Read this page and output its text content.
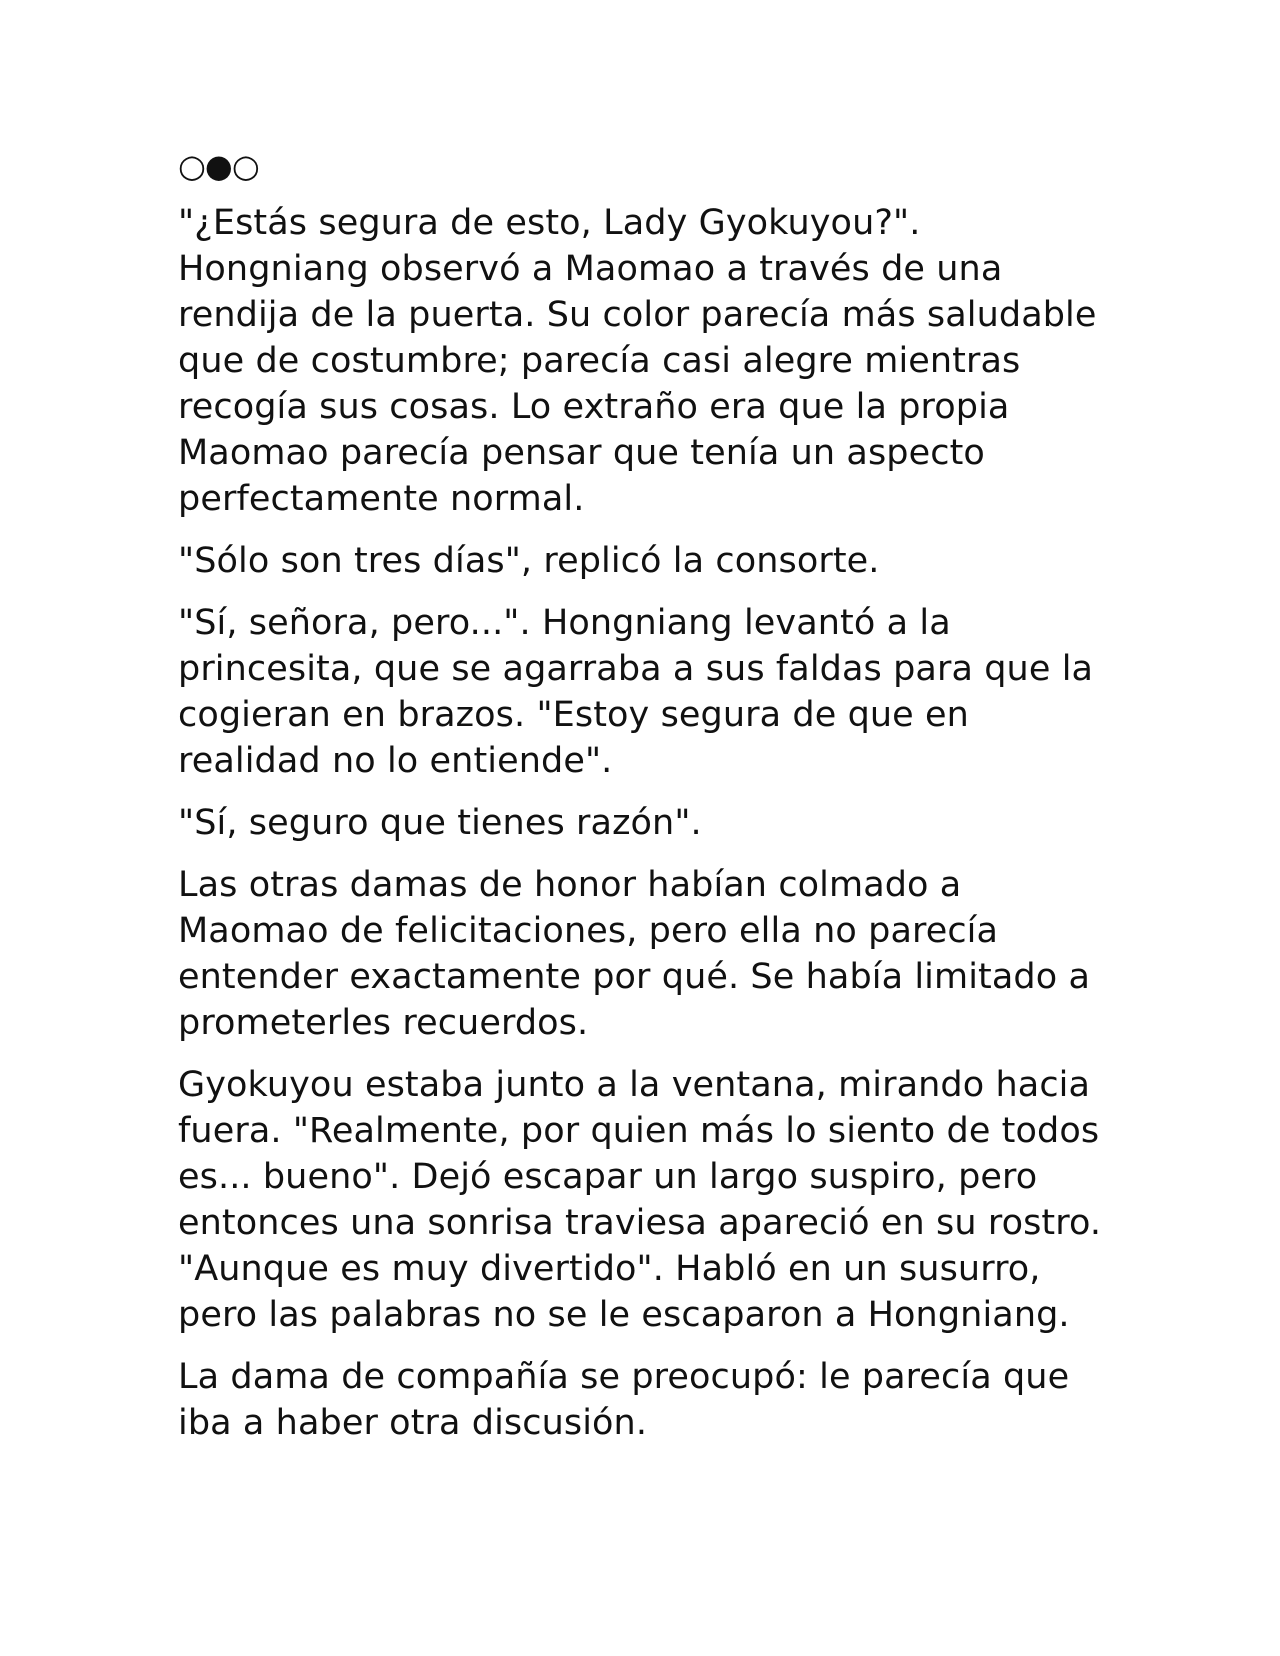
○●○

"¿Estás segura de esto, Lady Gyokuyou?". Hongniang observó a Maomao a través de una rendija de la puerta. Su color parecía más saludable que de costumbre; parecía casi alegre mientras recogía sus cosas. Lo extraño era que la propia Maomao parecía pensar que tenía un aspecto perfectamente normal.

"Sólo son tres días", replicó la consorte.

"Sí, señora, pero...". Hongniang levantó a la princesita, que se agarraba a sus faldas para que la cogieran en brazos. "Estoy segura de que en realidad no lo entiende".

"Sí, seguro que tienes razón".

Las otras damas de honor habían colmado a Maomao de felicitaciones, pero ella no parecía entender exactamente por qué. Se había limitado a prometerles recuerdos.

Gyokuyou estaba junto a la ventana, mirando hacia fuera. "Realmente, por quien más lo siento de todos es... bueno". Dejó escapar un largo suspiro, pero entonces una sonrisa traviesa apareció en su rostro. "Aunque es muy divertido". Habló en un susurro, pero las palabras no se le escaparon a Hongniang.

La dama de compañía se preocupó: le parecía que iba a haber otra discusión.
